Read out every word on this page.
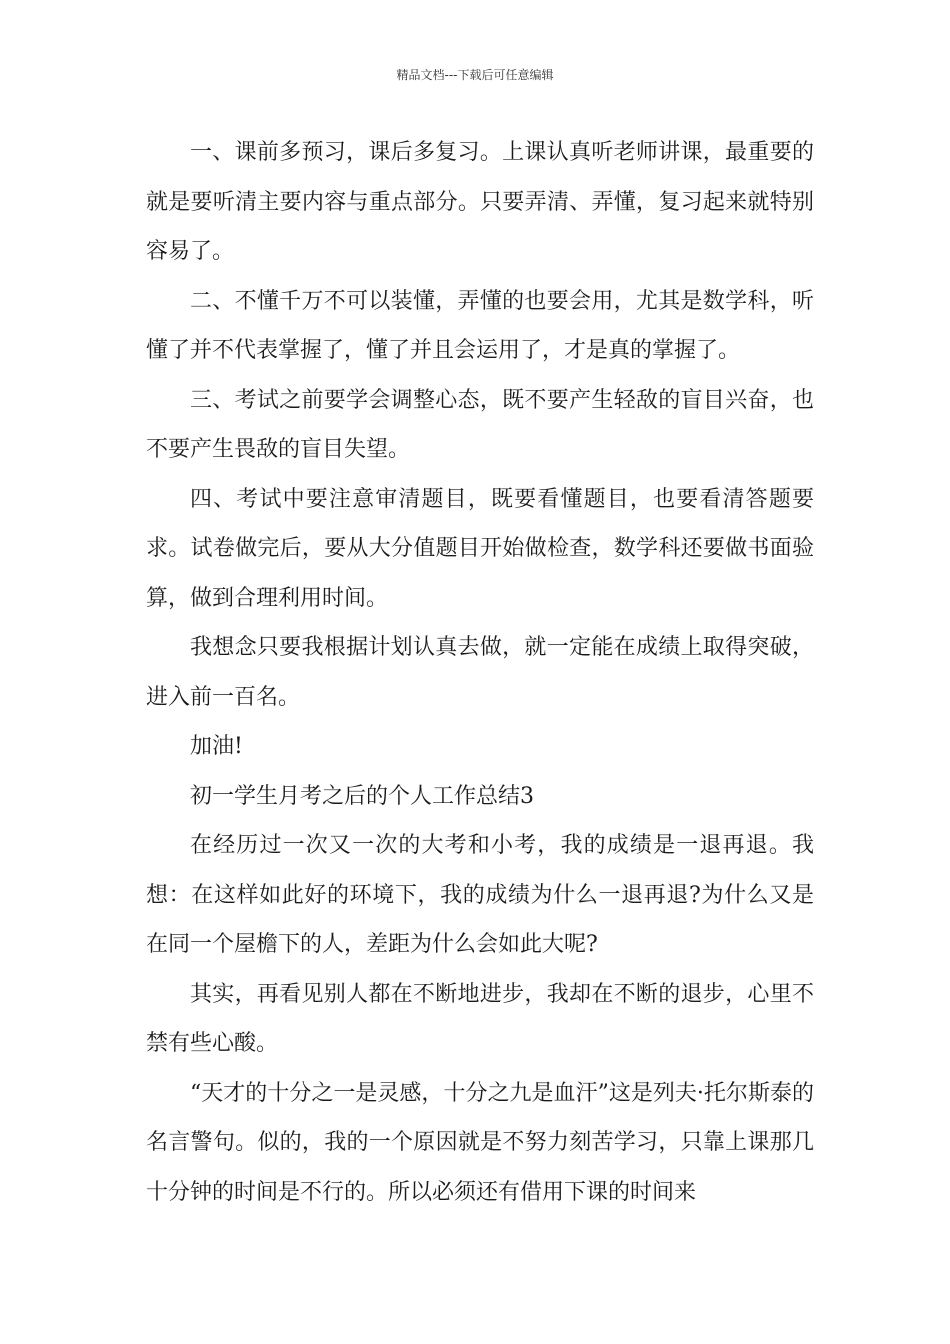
精品文档---下载后可任意编辑

一、课前多预习，课后多复习。上课认真听老师讲课，最重要的就是要听清主要内容与重点部分。只要弄清、弄懂，复习起来就特别容易了。

二、不懂千万不可以装懂，弄懂的也要会用，尤其是数学科，听懂了并不代表掌握了，懂了并且会运用了，才是真的掌握了。

三、考试之前要学会调整心态，既不要产生轻敌的盲目兴奋，也不要产生畏敌的盲目失望。

四、考试中要注意审清题目，既要看懂题目，也要看清答题要求。试卷做完后，要从大分值题目开始做检查，数学科还要做书面验算，做到合理利用时间。

我想念只要我根据计划认真去做，就一定能在成绩上取得突破，进入前一百名。

加油!

初一学生月考之后的个人工作总结3

在经历过一次又一次的大考和小考，我的成绩是一退再退。我想：在这样如此好的环境下，我的成绩为什么一退再退?为什么又是在同一个屋檐下的人，差距为什么会如此大呢?

其实，再看见别人都在不断地进步，我却在不断的退步，心里不禁有些心酸。

“天才的十分之一是灵感，十分之九是血汗”这是列夫·托尔斯泰的名言警句。似的，我的一个原因就是不努力刻苦学习，只靠上课那几十分钟的时间是不行的。所以必须还有借用下课的时间来
